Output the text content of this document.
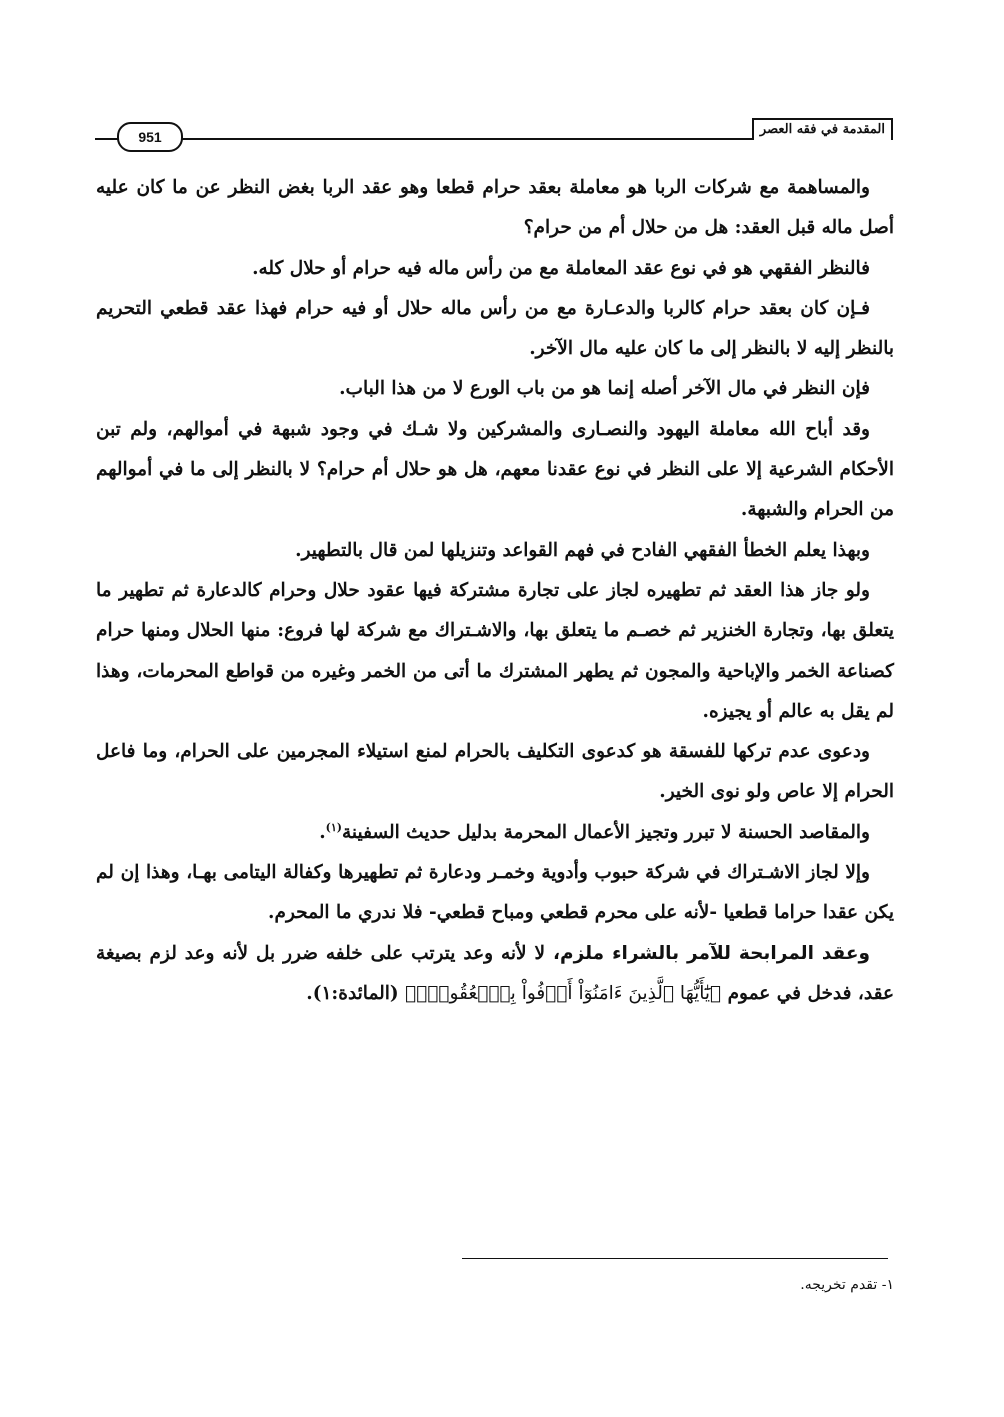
951	المقدمة في فقه العصر

والمساهمة مع شركات الربا هو معاملة بعقد حرام قطعا وهو عقد الربا بغض النظر عن ما كان عليه أصل ماله قبل العقد: هل من حلال أم من حرام؟

فالنظر الفقهي هو في نوع عقد المعاملة مع من رأس ماله فيه حرام أو حلال كله.

فـإن كان بعقد حرام كالربا والدعـارة مع من رأس ماله حلال أو فيه حرام فهذا عقد قطعي التحريم بالنظر إليه لا بالنظر إلى ما كان عليه مال الآخر.

فإن النظر في مال الآخر أصله إنما هو من باب الورع لا من هذا الباب.

وقد أباح الله معاملة اليهود والنصـارى والمشركين ولا شـك في وجود شبهة في أموالهم، ولم تبن الأحكام الشرعية إلا على النظر في نوع عقدنا معهم، هل هو حلال أم حرام؟ لا بالنظر إلى ما في أموالهم من الحرام والشبهة.

وبهذا يعلم الخطأ الفقهي الفادح في فهم القواعد وتنزيلها لمن قال بالتطهير.

ولو جاز هذا العقد ثم تطهيره لجاز على تجارة مشتركة فيها عقود حلال وحرام كالدعارة ثم تطهير ما يتعلق بها، وتجارة الخنزير ثم خصـم ما يتعلق بها، والاشـتراك مع شركة لها فروع: منها الحلال ومنها حرام كصناعة الخمر والإباحية والمجون ثم يطهر المشترك ما أتى من الخمر وغيره من قواطع المحرمات، وهذا لم يقل به عالم أو يجيزه.

ودعوى عدم تركها للفسقة هو كدعوى التكليف بالحرام لمنع استيلاء المجرمين على الحرام، وما فاعل الحرام إلا عاص ولو نوى الخير.

والمقاصد الحسنة لا تبرر وتجيز الأعمال المحرمة بدليل حديث السفينة$^{(١)}$.

وإلا لجاز الاشـتراك في شركة حبوب وأدوية وخمـر ودعارة ثم تطهيرها وكفالة اليتامى بهـا، وهذا إن لم يكن عقدا حراما قطعيا -لأنه على محرم قطعي ومباح قطعي- فلا ندري ما المحرم.

وعقد المرابحة للآمر بالشراء ملزم، لا لأنه وعد يترتب على خلفه ضرر بل لأنه وعد لزم بصيغة عقد، فدخل في عموم ﴿يَٰٓأَيُّهَا ٱلَّذِينَ ءَامَنُوٓاْ أَوۡفُواْ بِٱلۡعُقُودِۚ﴾ (المائدة:١).

١- تقدم تخريجه.
